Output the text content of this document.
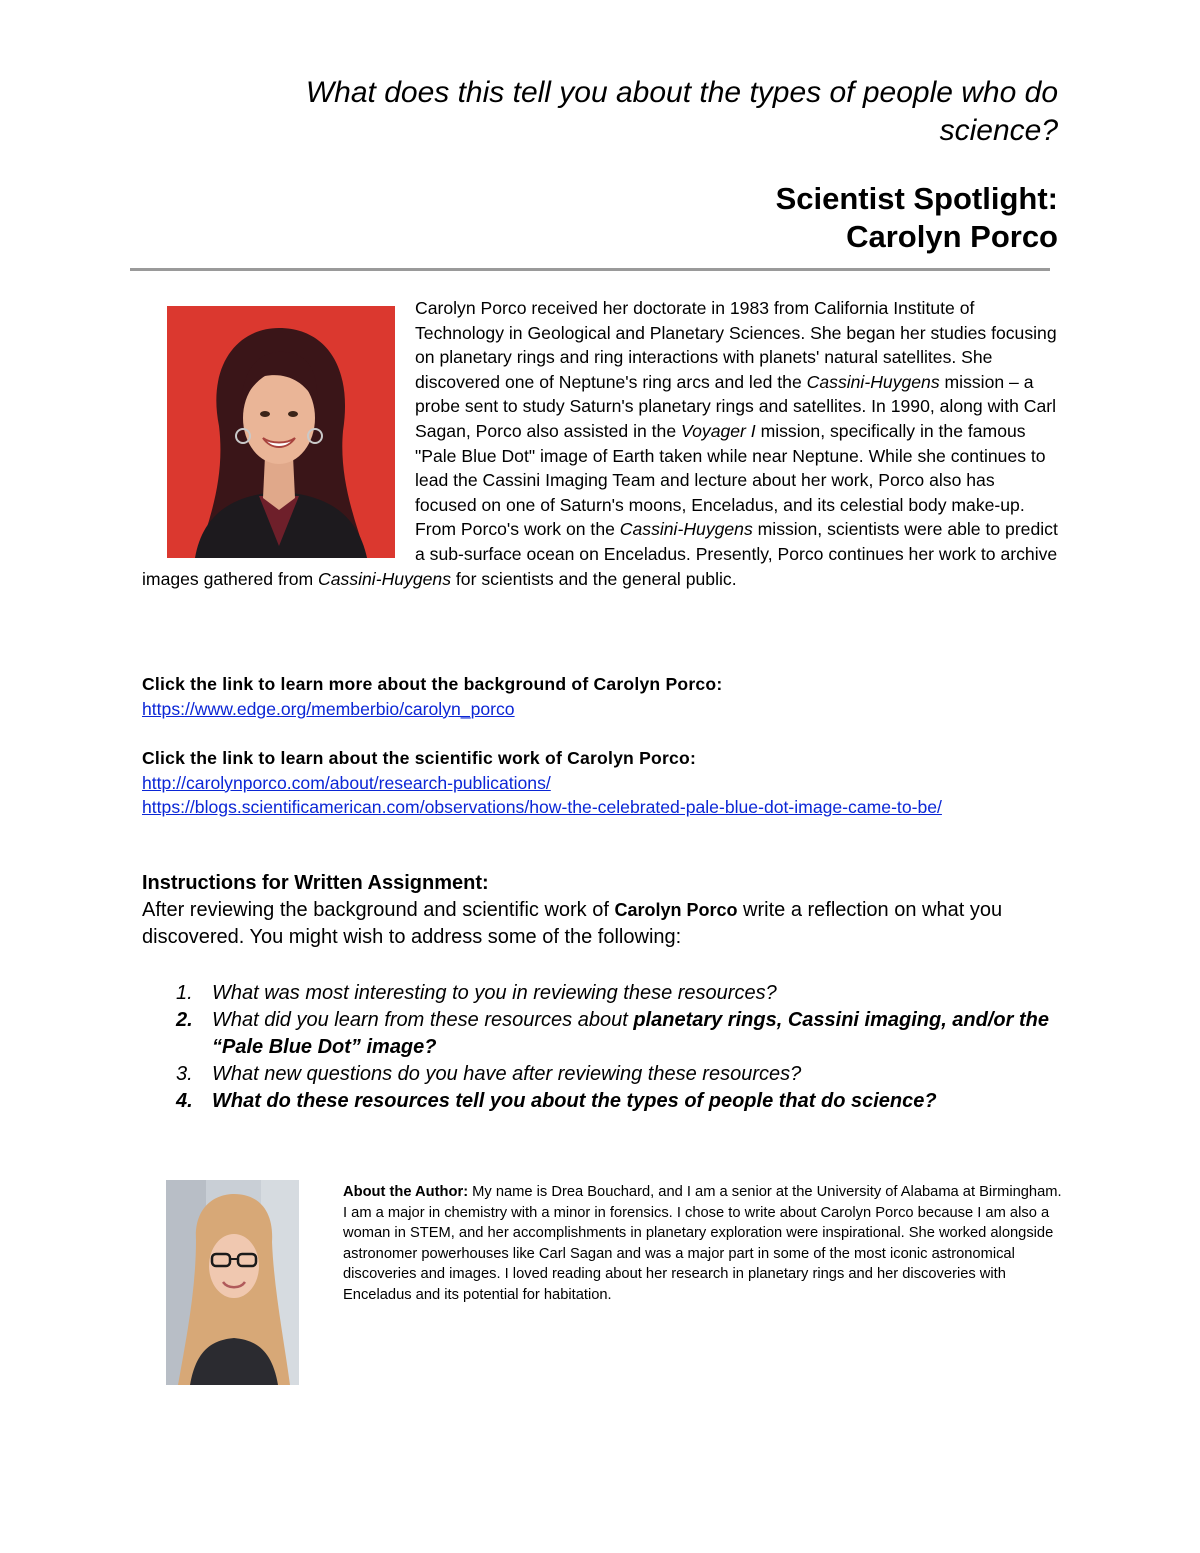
What does this tell you about the types of people who do science?
Scientist Spotlight:
Carolyn Porco
Carolyn Porco received her doctorate in 1983 from California Institute of Technology in Geological and Planetary Sciences. She began her studies focusing on planetary rings and ring interactions with planets' natural satellites. She discovered one of Neptune's ring arcs and led the Cassini-Huygens mission – a probe sent to study Saturn's planetary rings and satellites. In 1990, along with Carl Sagan, Porco also assisted in the Voyager I mission, specifically in the famous "Pale Blue Dot" image of Earth taken while near Neptune. While she continues to lead the Cassini Imaging Team and lecture about her work, Porco also has focused on one of Saturn's moons, Enceladus, and its celestial body make-up. From Porco's work on the Cassini-Huygens mission, scientists were able to predict a sub-surface ocean on Enceladus. Presently, Porco continues her work to archive images gathered from Cassini-Huygens for scientists and the general public.
Click the link to learn more about the background of Carolyn Porco:
https://www.edge.org/memberbio/carolyn_porco
Click the link to learn about the scientific work of Carolyn Porco:
http://carolynporco.com/about/research-publications/
https://blogs.scientificamerican.com/observations/how-the-celebrated-pale-blue-dot-image-came-to-be/
Instructions for Written Assignment:
After reviewing the background and scientific work of Carolyn Porco write a reflection on what you discovered. You might wish to address some of the following:
1. What was most interesting to you in reviewing these resources?
2. What did you learn from these resources about planetary rings, Cassini imaging, and/or the “Pale Blue Dot” image?
3. What new questions do you have after reviewing these resources?
4. What do these resources tell you about the types of people that do science?
About the Author: My name is Drea Bouchard, and I am a senior at the University of Alabama at Birmingham. I am a major in chemistry with a minor in forensics. I chose to write about Carolyn Porco because I am also a woman in STEM, and her accomplishments in planetary exploration were inspirational. She worked alongside astronomer powerhouses like Carl Sagan and was a major part in some of the most iconic astronomical discoveries and images. I loved reading about her research in planetary rings and her discoveries with Enceladus and its potential for habitation.
